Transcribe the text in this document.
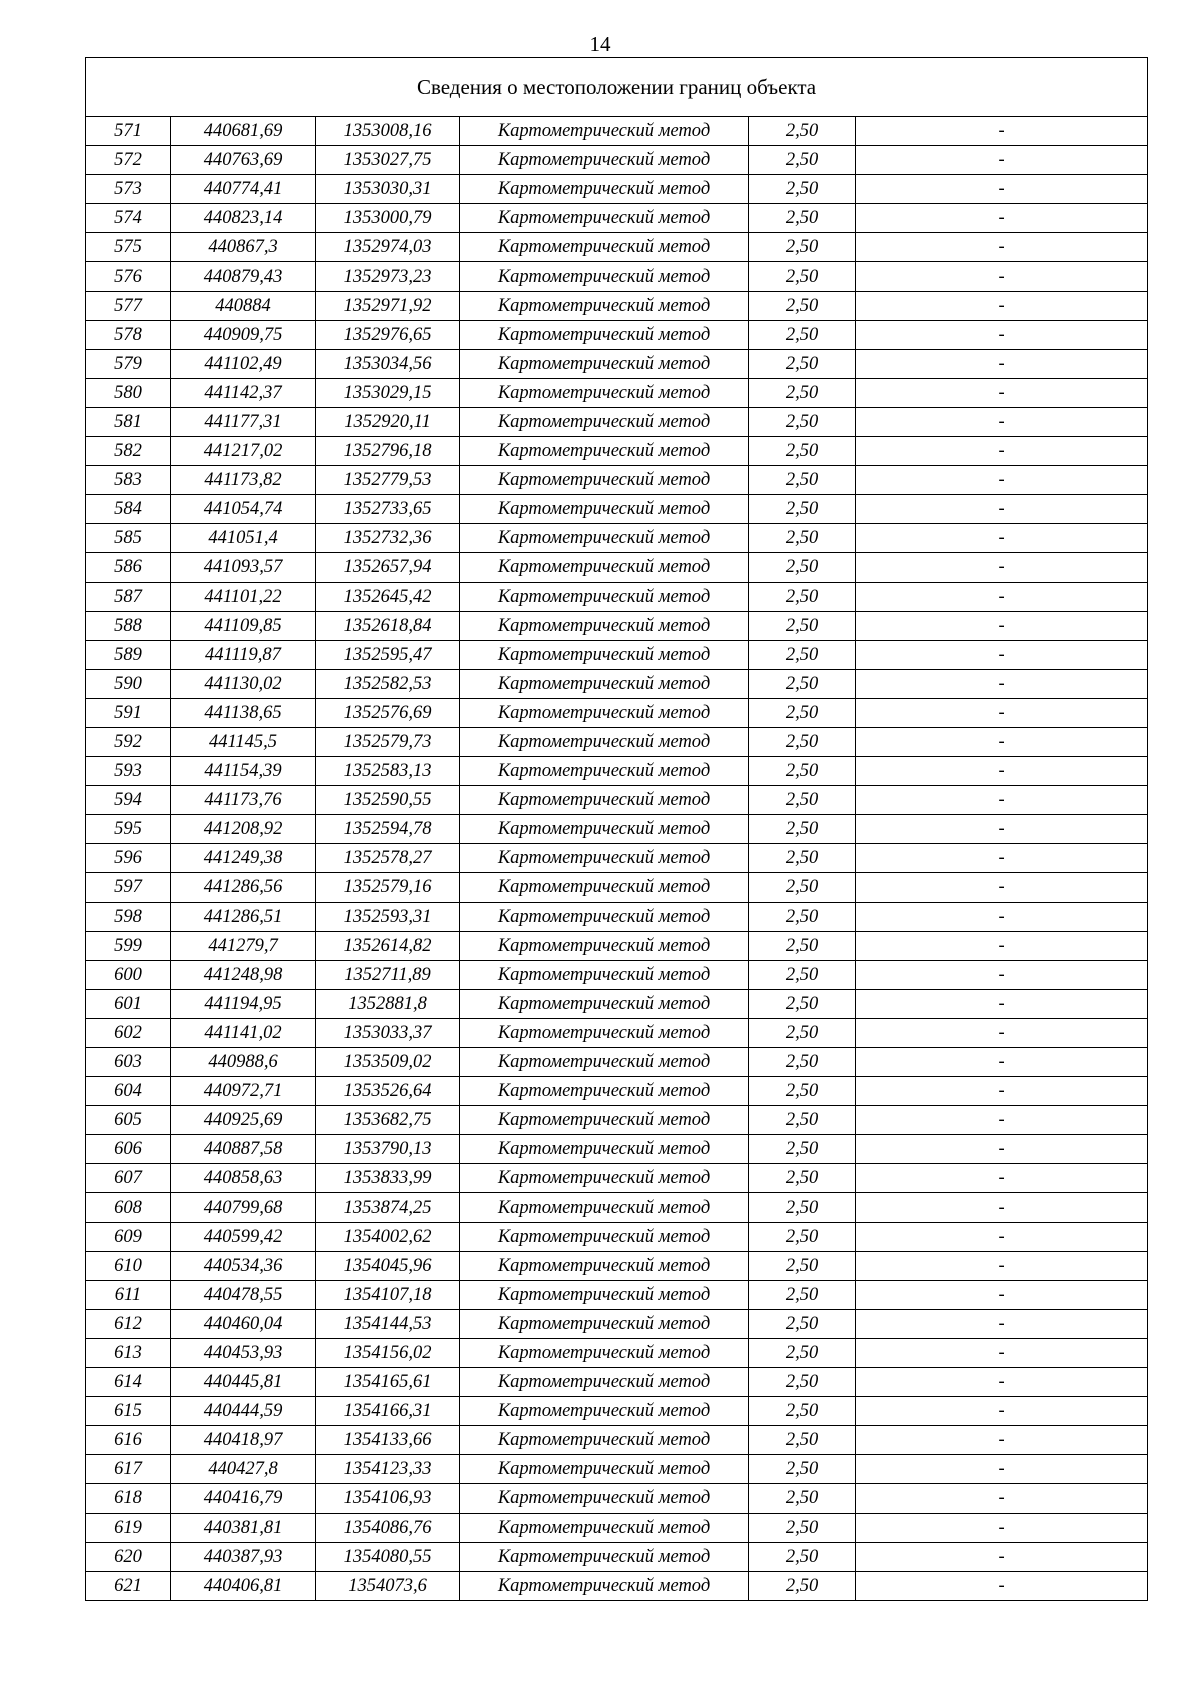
14
Сведения о местоположении границ объекта					
571	440681,69	1353008,16	Картометрический метод	2,50	-
572	440763,69	1353027,75	Картометрический метод	2,50	-
573	440774,41	1353030,31	Картометрический метод	2,50	-
574	440823,14	1353000,79	Картометрический метод	2,50	-
575	440867,3	1352974,03	Картометрический метод	2,50	-
576	440879,43	1352973,23	Картометрический метод	2,50	-
577	440884	1352971,92	Картометрический метод	2,50	-
578	440909,75	1352976,65	Картометрический метод	2,50	-
579	441102,49	1353034,56	Картометрический метод	2,50	-
580	441142,37	1353029,15	Картометрический метод	2,50	-
581	441177,31	1352920,11	Картометрический метод	2,50	-
582	441217,02	1352796,18	Картометрический метод	2,50	-
583	441173,82	1352779,53	Картометрический метод	2,50	-
584	441054,74	1352733,65	Картометрический метод	2,50	-
585	441051,4	1352732,36	Картометрический метод	2,50	-
586	441093,57	1352657,94	Картометрический метод	2,50	-
587	441101,22	1352645,42	Картометрический метод	2,50	-
588	441109,85	1352618,84	Картометрический метод	2,50	-
589	441119,87	1352595,47	Картометрический метод	2,50	-
590	441130,02	1352582,53	Картометрический метод	2,50	-
591	441138,65	1352576,69	Картометрический метод	2,50	-
592	441145,5	1352579,73	Картометрический метод	2,50	-
593	441154,39	1352583,13	Картометрический метод	2,50	-
594	441173,76	1352590,55	Картометрический метод	2,50	-
595	441208,92	1352594,78	Картометрический метод	2,50	-
596	441249,38	1352578,27	Картометрический метод	2,50	-
597	441286,56	1352579,16	Картометрический метод	2,50	-
598	441286,51	1352593,31	Картометрический метод	2,50	-
599	441279,7	1352614,82	Картометрический метод	2,50	-
600	441248,98	1352711,89	Картометрический метод	2,50	-
601	441194,95	1352881,8	Картометрический метод	2,50	-
602	441141,02	1353033,37	Картометрический метод	2,50	-
603	440988,6	1353509,02	Картометрический метод	2,50	-
604	440972,71	1353526,64	Картометрический метод	2,50	-
605	440925,69	1353682,75	Картометрический метод	2,50	-
606	440887,58	1353790,13	Картометрический метод	2,50	-
607	440858,63	1353833,99	Картометрический метод	2,50	-
608	440799,68	1353874,25	Картометрический метод	2,50	-
609	440599,42	1354002,62	Картометрический метод	2,50	-
610	440534,36	1354045,96	Картометрический метод	2,50	-
611	440478,55	1354107,18	Картометрический метод	2,50	-
612	440460,04	1354144,53	Картометрический метод	2,50	-
613	440453,93	1354156,02	Картометрический метод	2,50	-
614	440445,81	1354165,61	Картометрический метод	2,50	-
615	440444,59	1354166,31	Картометрический метод	2,50	-
616	440418,97	1354133,66	Картометрический метод	2,50	-
617	440427,8	1354123,33	Картометрический метод	2,50	-
618	440416,79	1354106,93	Картометрический метод	2,50	-
619	440381,81	1354086,76	Картометрический метод	2,50	-
620	440387,93	1354080,55	Картометрический метод	2,50	-
621	440406,81	1354073,6	Картометрический метод	2,50	-
